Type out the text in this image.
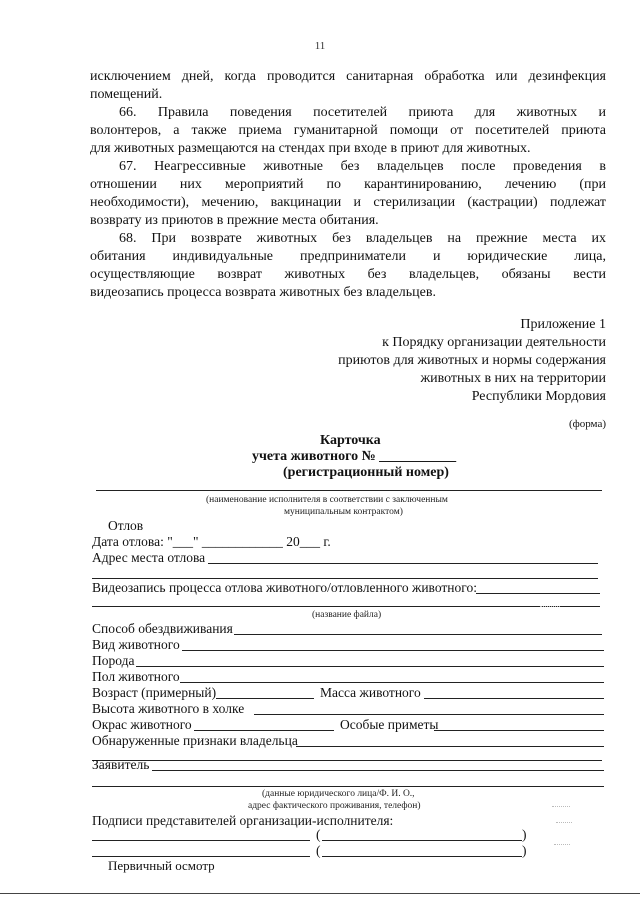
11
исключением дней, когда проводится санитарная обработка или дезинфекция
помещений.
66. Правила поведения посетителей приюта для животных и
волонтеров, а также приема гуманитарной помощи от посетителей приюта
для животных размещаются на стендах при входе в приют для животных.
67. Неагрессивные животные без владельцев после проведения в
отношении них мероприятий по карантинированию, лечению (при
необходимости), мечению, вакцинации и стерилизации (кастрации) подлежат
возврату из приютов в прежние места обитания.
68. При возврате животных без владельцев на прежние места их
обитания индивидуальные предприниматели и юридические лица,
осуществляющие возврат животных без владельцев, обязаны вести
видеозапись процесса возврата животных без владельцев.
Приложение 1
к Порядку организации деятельности
приютов для животных и нормы содержания
животных в них на территории
Республики Мордовия
(форма)
Карточка
учета животного № ___________
(регистрационный номер)
(наименование исполнителя в соответствии с заключенным
муниципальным контрактом)
Отлов
Дата отлова: "___" ____________ 20___ г.
Адрес места отлова
Видеозапись процесса отлова животного/отловленного животного:
(название файла)
Способ обездвиживания
Вид животного
Порода
Пол животного
Возраст (примерный)	Масса животного
Высота животного в холке
Окрас животного	Особые приметы
Обнаруженные признаки владельца
Заявитель
(данные юридического лица/Ф. И. О.,
адрес фактического проживания, телефон)
Подписи представителей организации-исполнителя:
(	)
(	)
Первичный осмотр
